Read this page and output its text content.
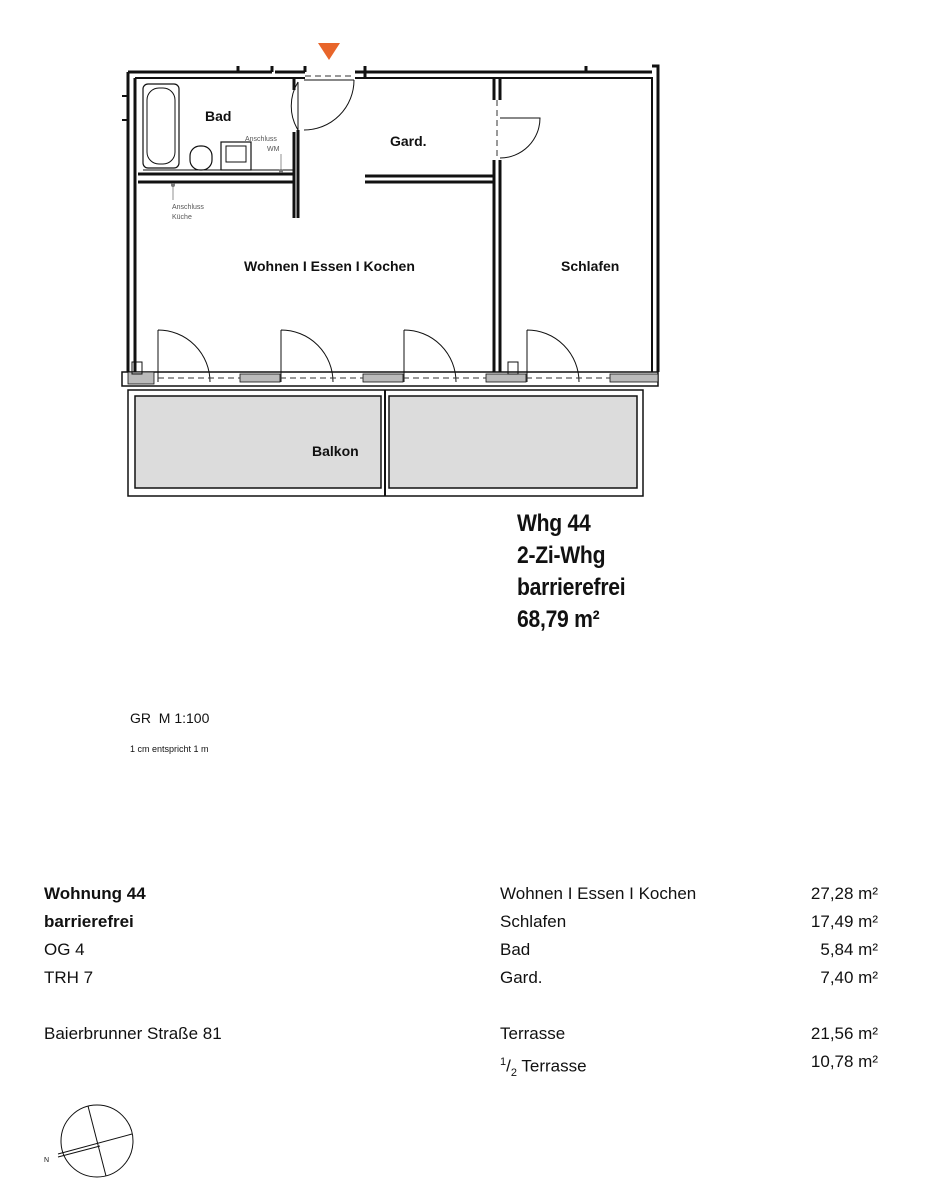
Bad
Gard.
Wohnen I Essen I Kochen	Schlafen
Balkon
Anschluss
WM
Anschluss
Küche
Whg 44
2-Zi-Whg
barrierefrei
68,79 m²
GR  M 1:100
1 cm entspricht 1 m
Wohnung 44
barrierefrei
OG 4
TRH 7
Baierbrunner Straße 81
Wohnen I Essen I Kochen	27,28 m²
Schlafen	17,49 m²
Bad	5,84 m²
Gard.	7,40 m²
Terrasse	21,56 m²
$^1/_2$ Terrasse	10,78 m²
N
